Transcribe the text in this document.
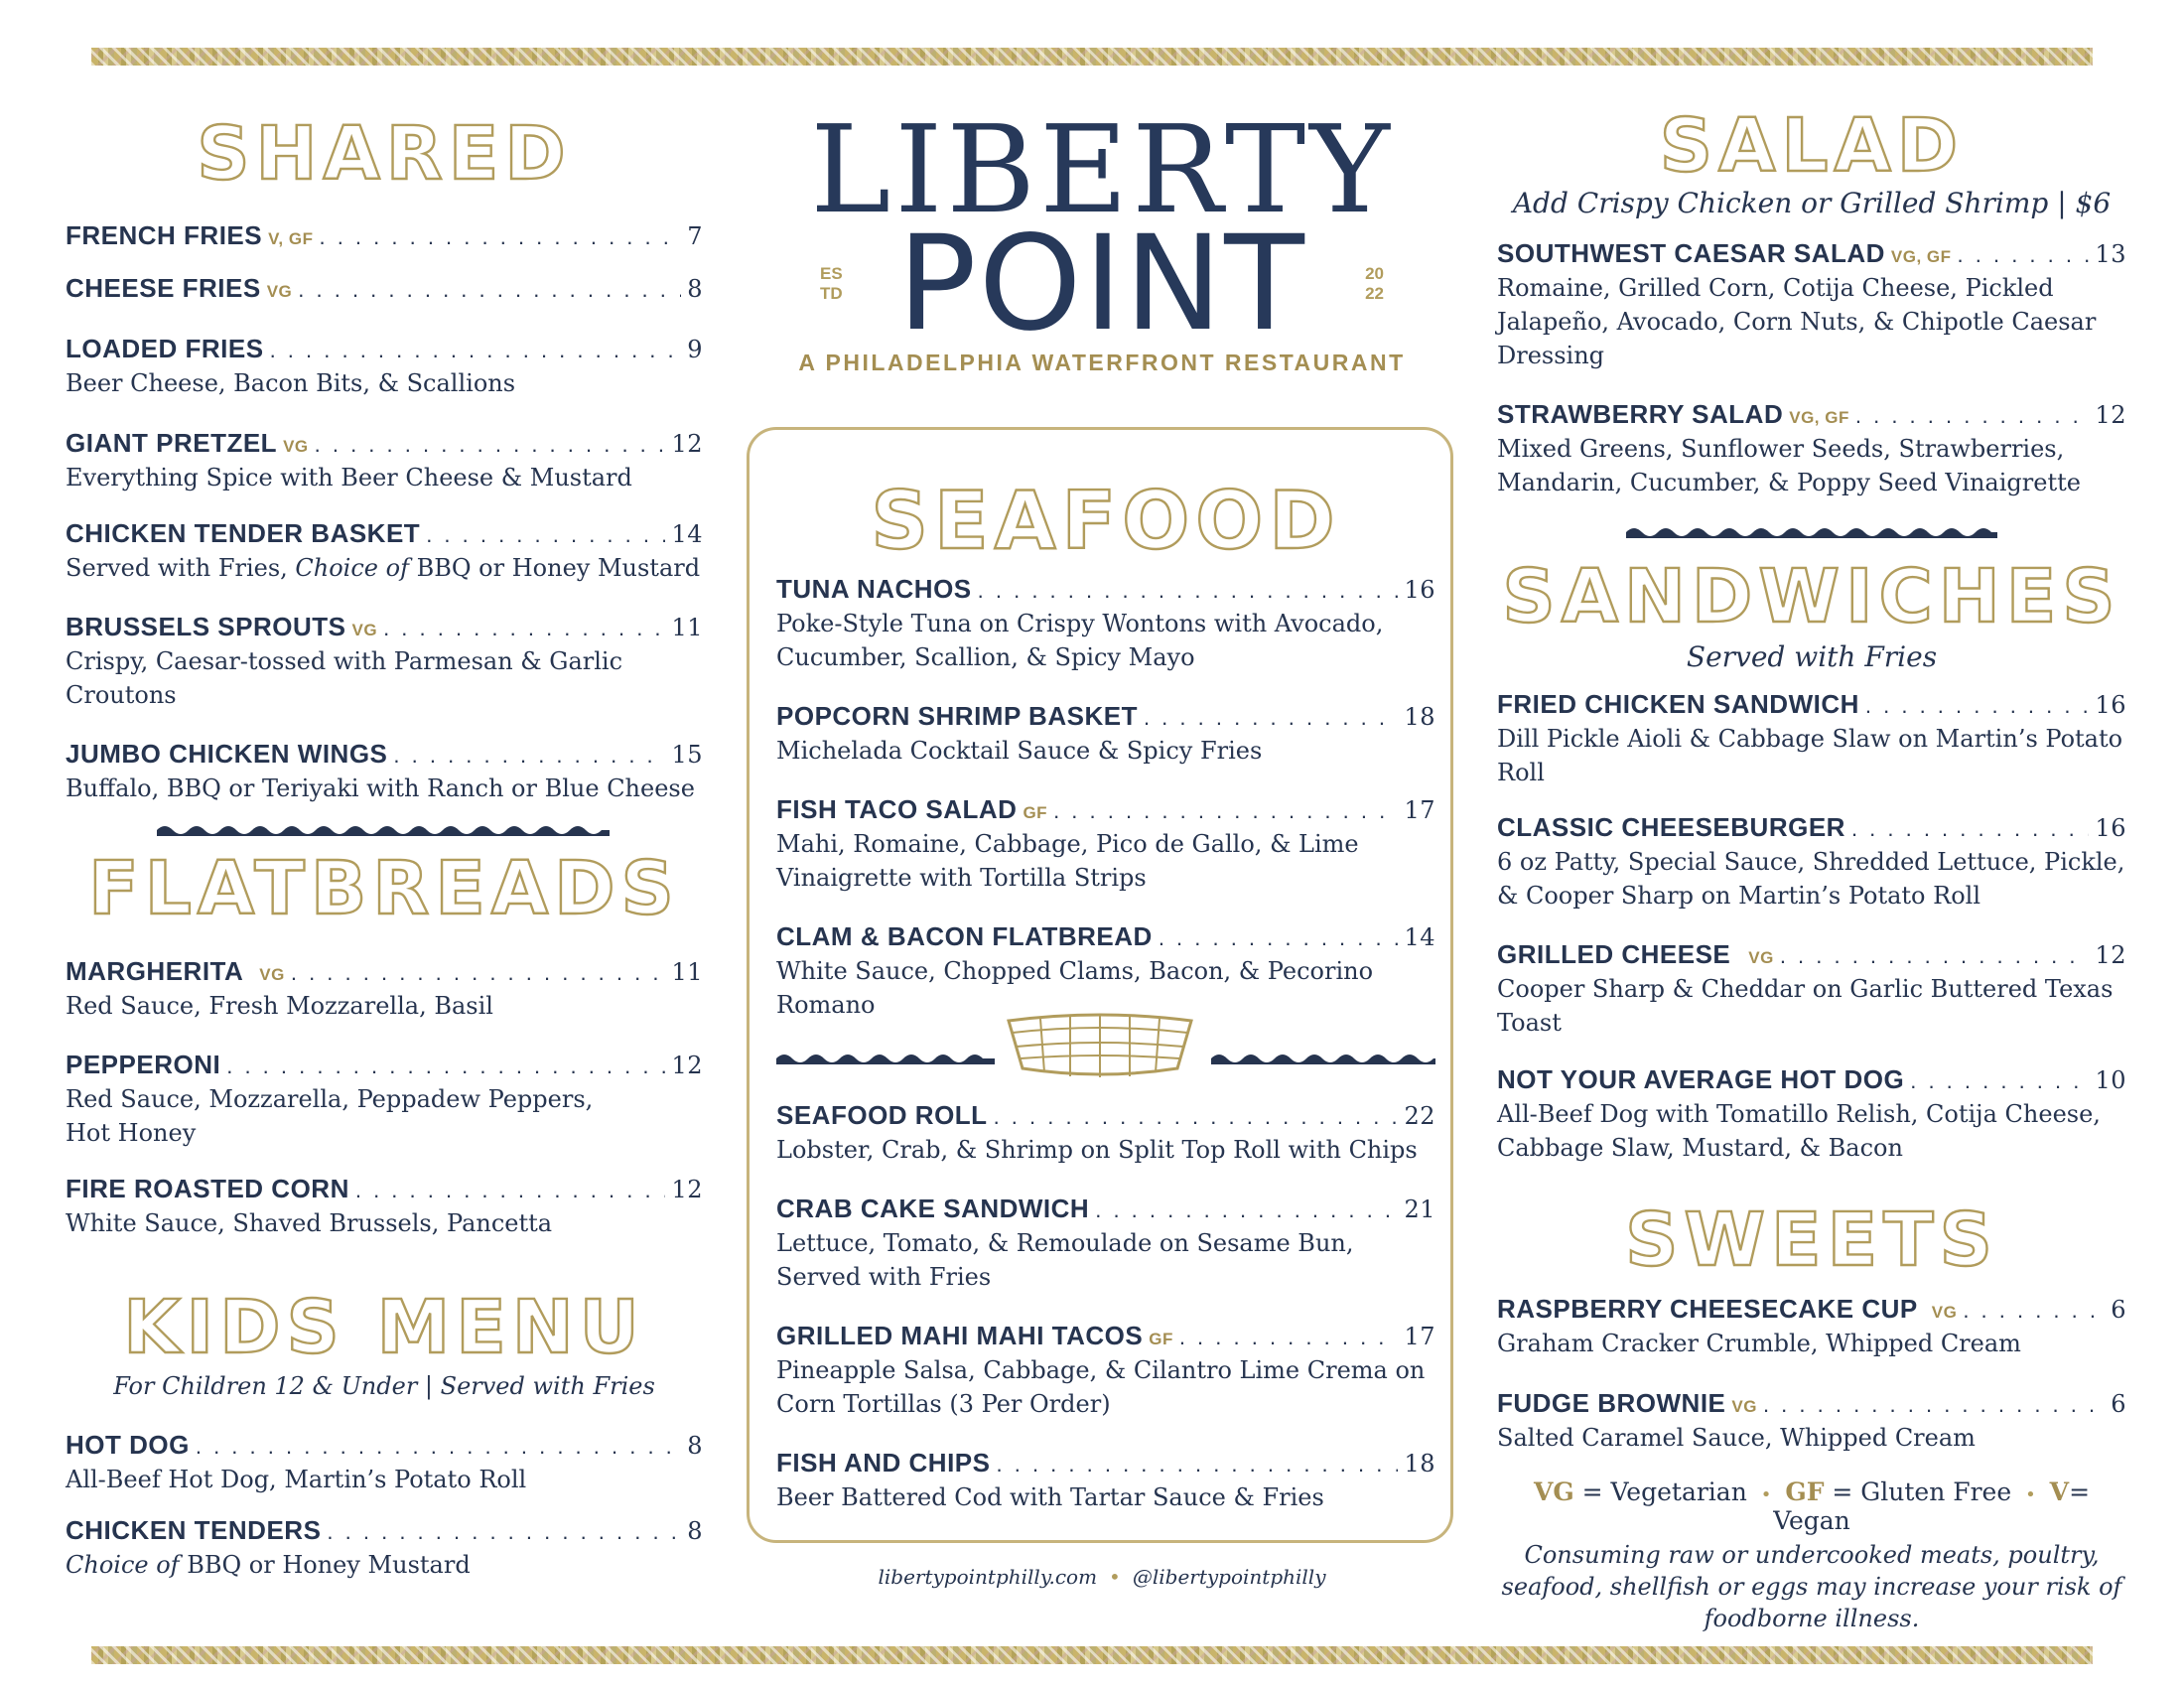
SHARED
FRENCH FRIES V, GF . . .	7
CHEESE FRIES VG . . .	8
LOADED FRIES . . .	9
Beer Cheese, Bacon Bits, & Scallions
GIANT PRETZEL VG . . .	12
Everything Spice with Beer Cheese & Mustard
CHICKEN TENDER BASKET . . .	14
Served with Fries, Choice of BBQ or Honey Mustard
BRUSSELS SPROUTS VG . . .	11
Crispy, Caesar-tossed with Parmesan & Garlic Croutons
JUMBO CHICKEN WINGS . . .	15
Buffalo, BBQ or Teriyaki with Ranch or Blue Cheese
FLATBREADS
MARGHERITA VG . . .	11
Red Sauce, Fresh Mozzarella, Basil
PEPPERONI . . .	12
Red Sauce, Mozzarella, Peppadew Peppers, Hot Honey
FIRE ROASTED CORN . . .	12
White Sauce, Shaved Brussels, Pancetta
KIDS MENU
For Children 12 & Under | Served with Fries
HOT DOG . . .	8
All-Beef Hot Dog, Martin’s Potato Roll
CHICKEN TENDERS . . .	8
Choice of BBQ or Honey Mustard
LIBERTY
POINT
ES
TD
20
22
A PHILADELPHIA WATERFRONT RESTAURANT
SEAFOOD
TUNA NACHOS . . .	16
Poke-Style Tuna on Crispy Wontons with Avocado, Cucumber, Scallion, & Spicy Mayo
POPCORN SHRIMP BASKET . . .	18
Michelada Cocktail Sauce & Spicy Fries
FISH TACO SALAD GF . . .	17
Mahi, Romaine, Cabbage, Pico de Gallo, & Lime Vinaigrette with Tortilla Strips
CLAM & BACON FLATBREAD . . .	14
White Sauce, Chopped Clams, Bacon, & Pecorino Romano
SEAFOOD ROLL . . .	22
Lobster, Crab, & Shrimp on Split Top Roll with Chips
CRAB CAKE SANDWICH . . .	21
Lettuce, Tomato, & Remoulade on Sesame Bun, Served with Fries
GRILLED MAHI MAHI TACOS GF . . .	17
Pineapple Salsa, Cabbage, & Cilantro Lime Crema on Corn Tortillas (3 Per Order)
FISH AND CHIPS . . .	18
Beer Battered Cod with Tartar Sauce & Fries
libertypointphilly.com • @libertypointphilly
SALAD
Add Crispy Chicken or Grilled Shrimp | $6
SOUTHWEST CAESAR SALAD VG, GF . . .	13
Romaine, Grilled Corn, Cotija Cheese, Pickled Jalapeño, Avocado, Corn Nuts, & Chipotle Caesar Dressing
STRAWBERRY SALAD VG, GF . . .	12
Mixed Greens, Sunflower Seeds, Strawberries, Mandarin, Cucumber, & Poppy Seed Vinaigrette
SANDWICHES
Served with Fries
FRIED CHICKEN SANDWICH . . .	16
Dill Pickle Aioli & Cabbage Slaw on Martin’s Potato Roll
CLASSIC CHEESEBURGER . . .	16
6 oz Patty, Special Sauce, Shredded Lettuce, Pickle, & Cooper Sharp on Martin’s Potato Roll
GRILLED CHEESE VG . . .	12
Cooper Sharp & Cheddar on Garlic Buttered Texas Toast
NOT YOUR AVERAGE HOT DOG . . .	10
All-Beef Dog with Tomatillo Relish, Cotija Cheese, Cabbage Slaw, Mustard, & Bacon
SWEETS
RASPBERRY CHEESECAKE CUP VG . . .	6
Graham Cracker Crumble, Whipped Cream
FUDGE BROWNIE VG . . .	6
Salted Caramel Sauce, Whipped Cream
VG = Vegetarian • GF = Gluten Free • V= Vegan
Consuming raw or undercooked meats, poultry, seafood, shellfish or eggs may increase your risk of foodborne illness.
